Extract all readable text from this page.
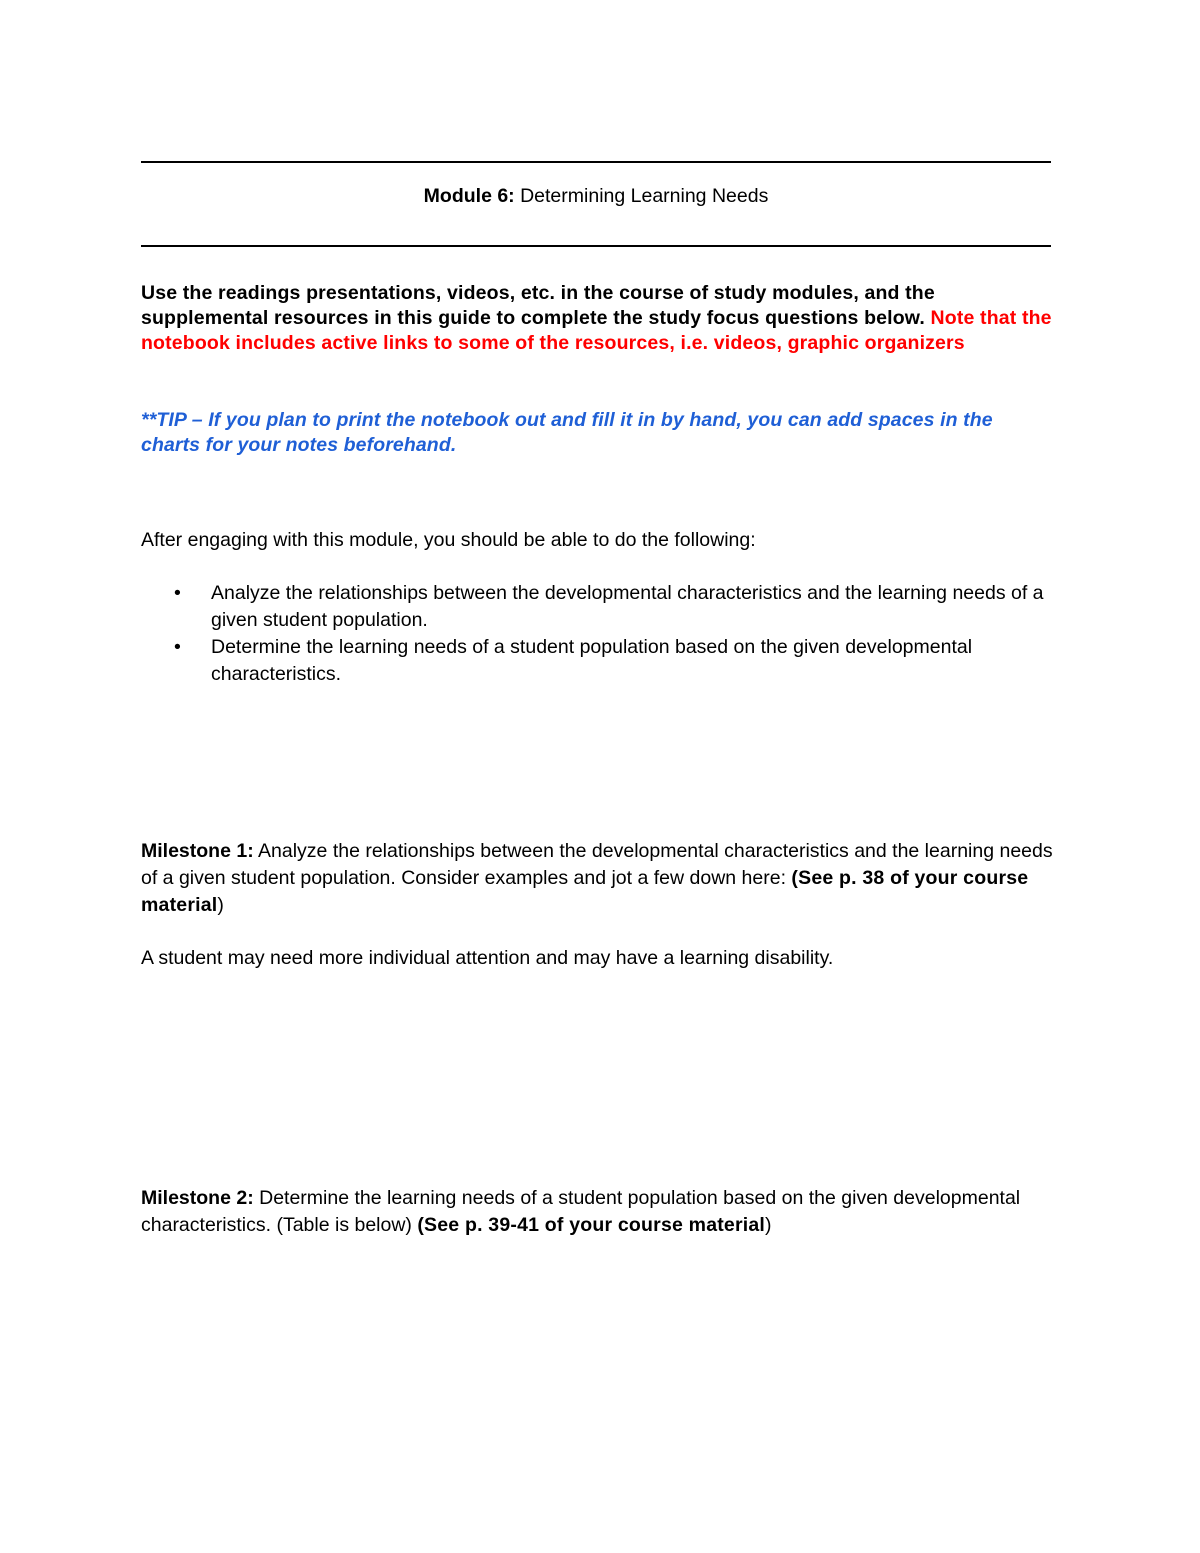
Module 6: Determining Learning Needs
Use the readings presentations, videos, etc. in the course of study modules, and the supplemental resources in this guide to complete the study focus questions below. Note that the notebook includes active links to some of the resources, i.e. videos, graphic organizers
**TIP – If you plan to print the notebook out and fill it in by hand, you can add spaces in the charts for your notes beforehand.
After engaging with this module, you should be able to do the following:
• Analyze the relationships between the developmental characteristics and the learning needs of a given student population.
• Determine the learning needs of a student population based on the given developmental characteristics.
Milestone 1: Analyze the relationships between the developmental characteristics and the learning needs of a given student population. Consider examples and jot a few down here: (See p. 38 of your course material)
A student may need more individual attention and may have a learning disability.
Milestone 2: Determine the learning needs of a student population based on the given developmental characteristics. (Table is below) (See p. 39-41 of your course material)
